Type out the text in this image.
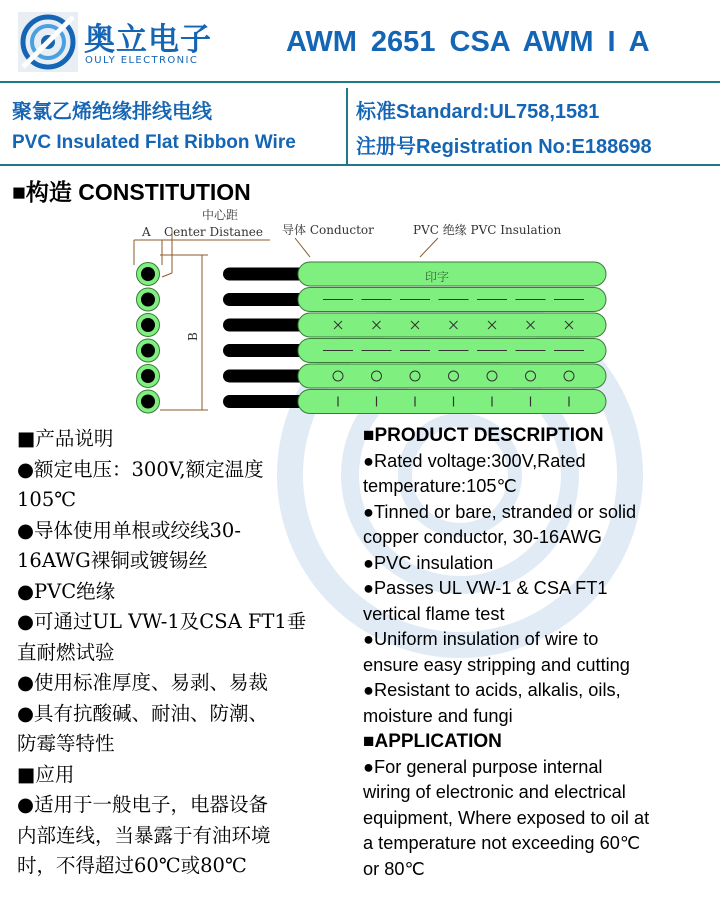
奥立电子
OULY ELECTRONIC
AWM 2651 CSA AWM I A
聚氯乙烯绝缘排线电线
PVC Insulated Flat Ribbon Wire
标准Standard:UL758,1581
注册号Registration No:E188698
■构造 CONSTITUTION
中心距
A Center Distanee 导体 Conductor	PVC 绝缘 PVC Insulation
B
印字
■产品说明
●额定电压：300V,额定温度
105℃
●导体使用单根或绞线30-
16AWG裸铜或镀锡丝
●PVC绝缘
●可通过UL VW-1及CSA FT1垂
直耐燃试验
●使用标准厚度、易剥、易裁
●具有抗酸碱、耐油、防潮、
防霉等特性
■应用
●适用于一般电子，电器设备
内部连线，当暴露于有油环境
时，不得超过60℃或80℃
■PRODUCT DESCRIPTION
●Rated voltage:300V,Rated
temperature:105℃
●Tinned or bare, stranded or solid
copper conductor, 30-16AWG
●PVC insulation
●Passes UL VW-1 & CSA FT1
vertical flame test
●Uniform insulation of wire to
ensure easy stripping and cutting
●Resistant to acids, alkalis, oils,
moisture and fungi
■APPLICATION
●For general purpose internal
wiring of electronic and electrical
equipment, Where exposed to oil at
a temperature not exceeding 60℃
or 80℃
